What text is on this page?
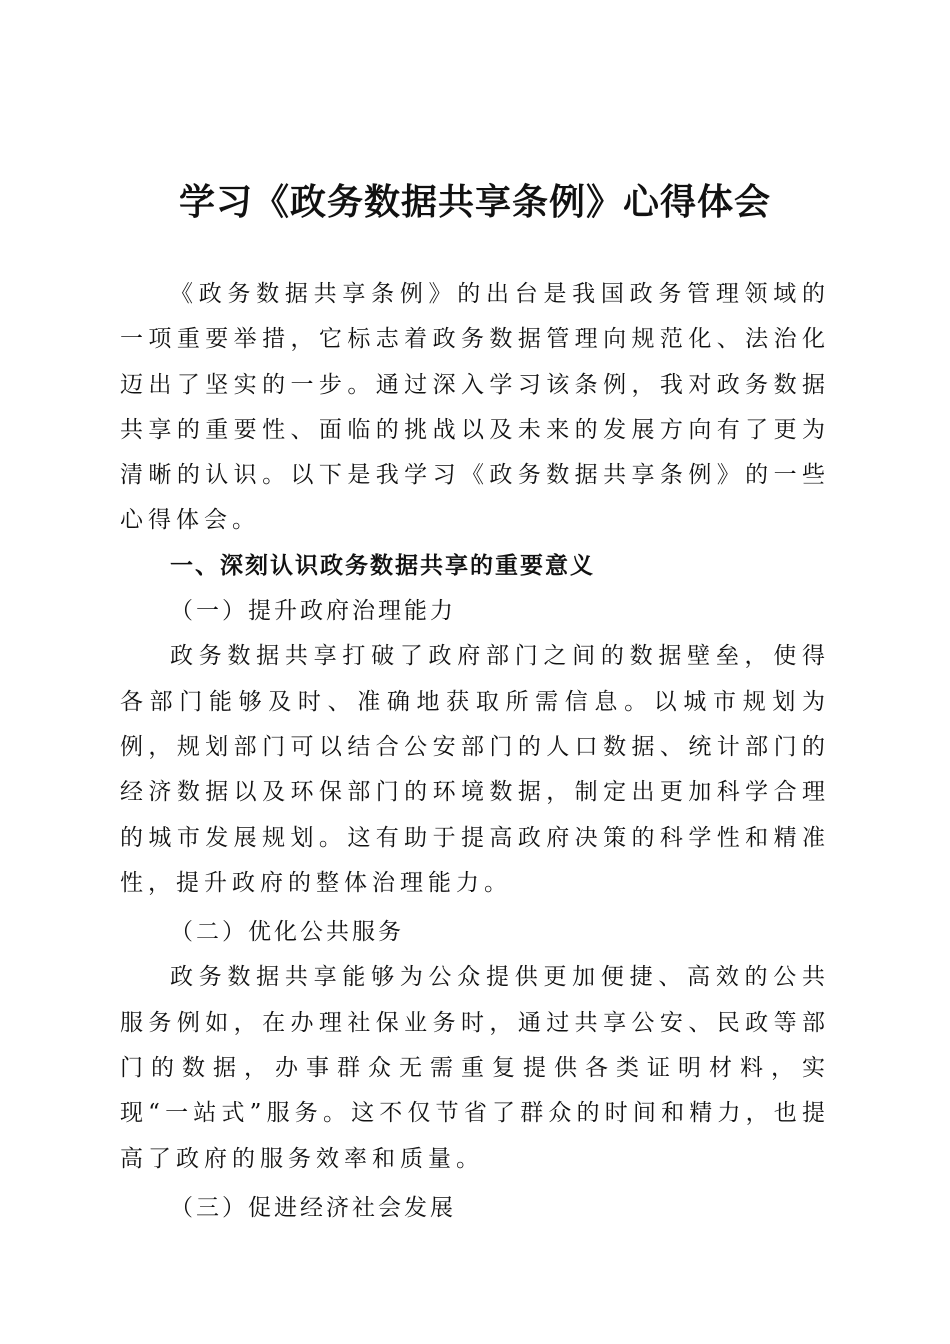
学习《政务数据共享条例》心得体会

《政务数据共享条例》的出台是我国政务管理领域的一项重要举措，它标志着政务数据管理向规范化、法治化迈出了坚实的一步。通过深入学习该条例，我对政务数据共享的重要性、面临的挑战以及未来的发展方向有了更为清晰的认识。以下是我学习《政务数据共享条例》的一些心得体会。

一、深刻认识政务数据共享的重要意义

（一）提升政府治理能力

政务数据共享打破了政府部门之间的数据壁垒，使得各部门能够及时、准确地获取所需信息。以城市规划为例，规划部门可以结合公安部门的人口数据、统计部门的经济数据以及环保部门的环境数据，制定出更加科学合理的城市发展规划。这有助于提高政府决策的科学性和精准性，提升政府的整体治理能力。

（二）优化公共服务

政务数据共享能够为公众提供更加便捷、高效的公共服务例如，在办理社保业务时，通过共享公安、民政等部门的数据，办事群众无需重复提供各类证明材料，实现“一站式”服务。这不仅节省了群众的时间和精力，也提高了政府的服务效率和质量。

（三）促进经济社会发展
